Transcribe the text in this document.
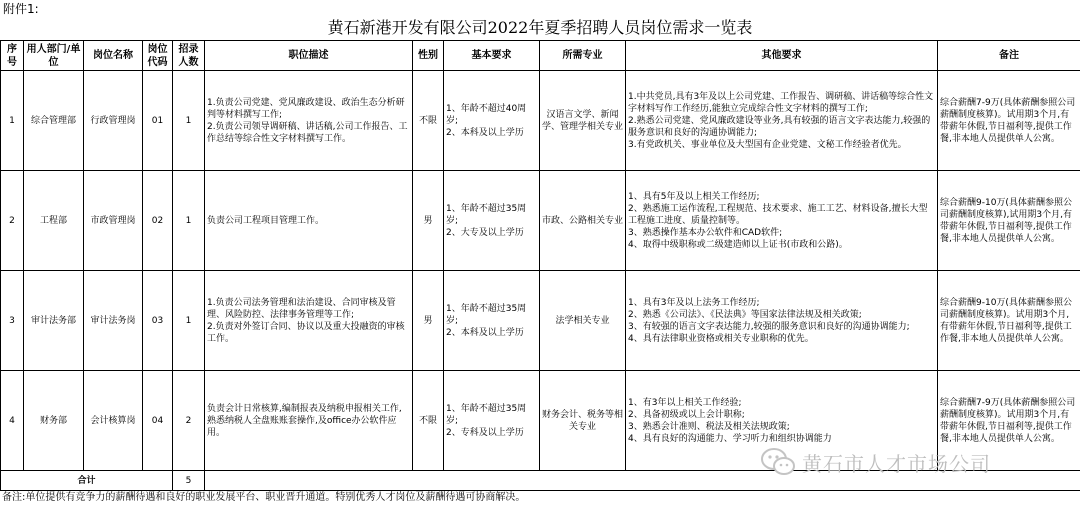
附件1:
黄石新港开发有限公司2022年夏季招聘人员岗位需求一览表
序号	用人部门/单位	岗位名称	岗位代码	招录人数	职位描述	性别	基本要求	所需专业	其他要求	备注
1	综合管理部	行政管理岗	01	1	1.负责公司党建、党风廉政建设、政治生态分析研判等材料撰写工作;
2.负责公司领导调研稿、讲话稿,公司工作报告、工作总结等综合性文字材料撰写工作。	不限	1、年龄不超过40周岁;
2、本科及以上学历	汉语言文学、新闻学、管理学相关专业	1.中共党员,具有3年及以上公司党建、工作报告、调研稿、讲话稿等综合性文字材料写作工作经历,能独立完成综合性文字材料的撰写工作;
2.熟悉公司党建、党风廉政建设等业务,具有较强的语言文字表达能力,较强的服务意识和良好的沟通协调能力;
3.有党政机关、事业单位及大型国有企业党建、文秘工作经验者优先。	综合薪酬7-9万(具体薪酬参照公司薪酬制度核算)。试用期3个月,有带薪年休假,节日福利等,提供工作餐,非本地人员提供单人公寓。
2	工程部	市政管理岗	02	1	负责公司工程项目管理工作。	男	1、年龄不超过35周岁;
2、大专及以上学历	市政、公路相关专业	1、具有5年及以上相关工作经历;
2、熟悉施工运作流程,工程规范、技术要求、施工工艺、材料设备,擅长大型工程施工进度、质量控制等。
3、熟悉操作基本办公软件和CAD软件;
4、取得中级职称或二级建造师以上证书(市政和公路)。	综合薪酬9-10万(具体薪酬参照公司薪酬制度核算),试用期3个月,有带薪年休假,节日福利等,提供工作餐,非本地人员提供单人公寓。
3	审计法务部	审计法务岗	03	1	1.负责公司法务管理和法治建设、合同审核及管理、风险防控、法律事务管理等工作;
2.负责对外签订合同、协议以及重大投融资的审核工作。	男	1、年龄不超过35周岁;
2、本科及以上学历	法学相关专业	1、具有3年及以上法务工作经历;
2、熟悉《公司法》、《民法典》等国家法律法规及相关政策;
3、有较强的语言文字表达能力,较强的服务意识和良好的沟通协调能力;
4、具有法律职业资格或相关专业职称的优先。	综合薪酬9-10万(具体薪酬参照公司薪酬制度核算)。试用期3个月,有带薪年休假,节日福利等,提供工作餐,非本地人员提供单人公寓。
4	财务部	会计核算岗	04	2	负责会计日常核算,编制报表及纳税申报相关工作,熟悉纳税人全盘账账套操作,及office办公软件应用。	不限	1、年龄不超过35周岁;
2、专科及以上学历	财务会计、税务等相关专业	1、有3年以上相关工作经验;
2、具备初级或以上会计职称;
3、熟悉会计准则、税法及相关法规政策;
4、具有良好的沟通能力、学习听力和组织协调能力	综合薪酬7-9万(具体薪酬参照公司薪酬制度核算)。试用期3个月,有带薪年休假,节日福利等,提供工作餐,非本地人员提供单人公寓。
合计				5						
备注:单位提供有竞争力的薪酬待遇和良好的职业发展平台、职业晋升通道。特别优秀人才岗位及薪酬待遇可协商解决。
黄石市人才市场公司
